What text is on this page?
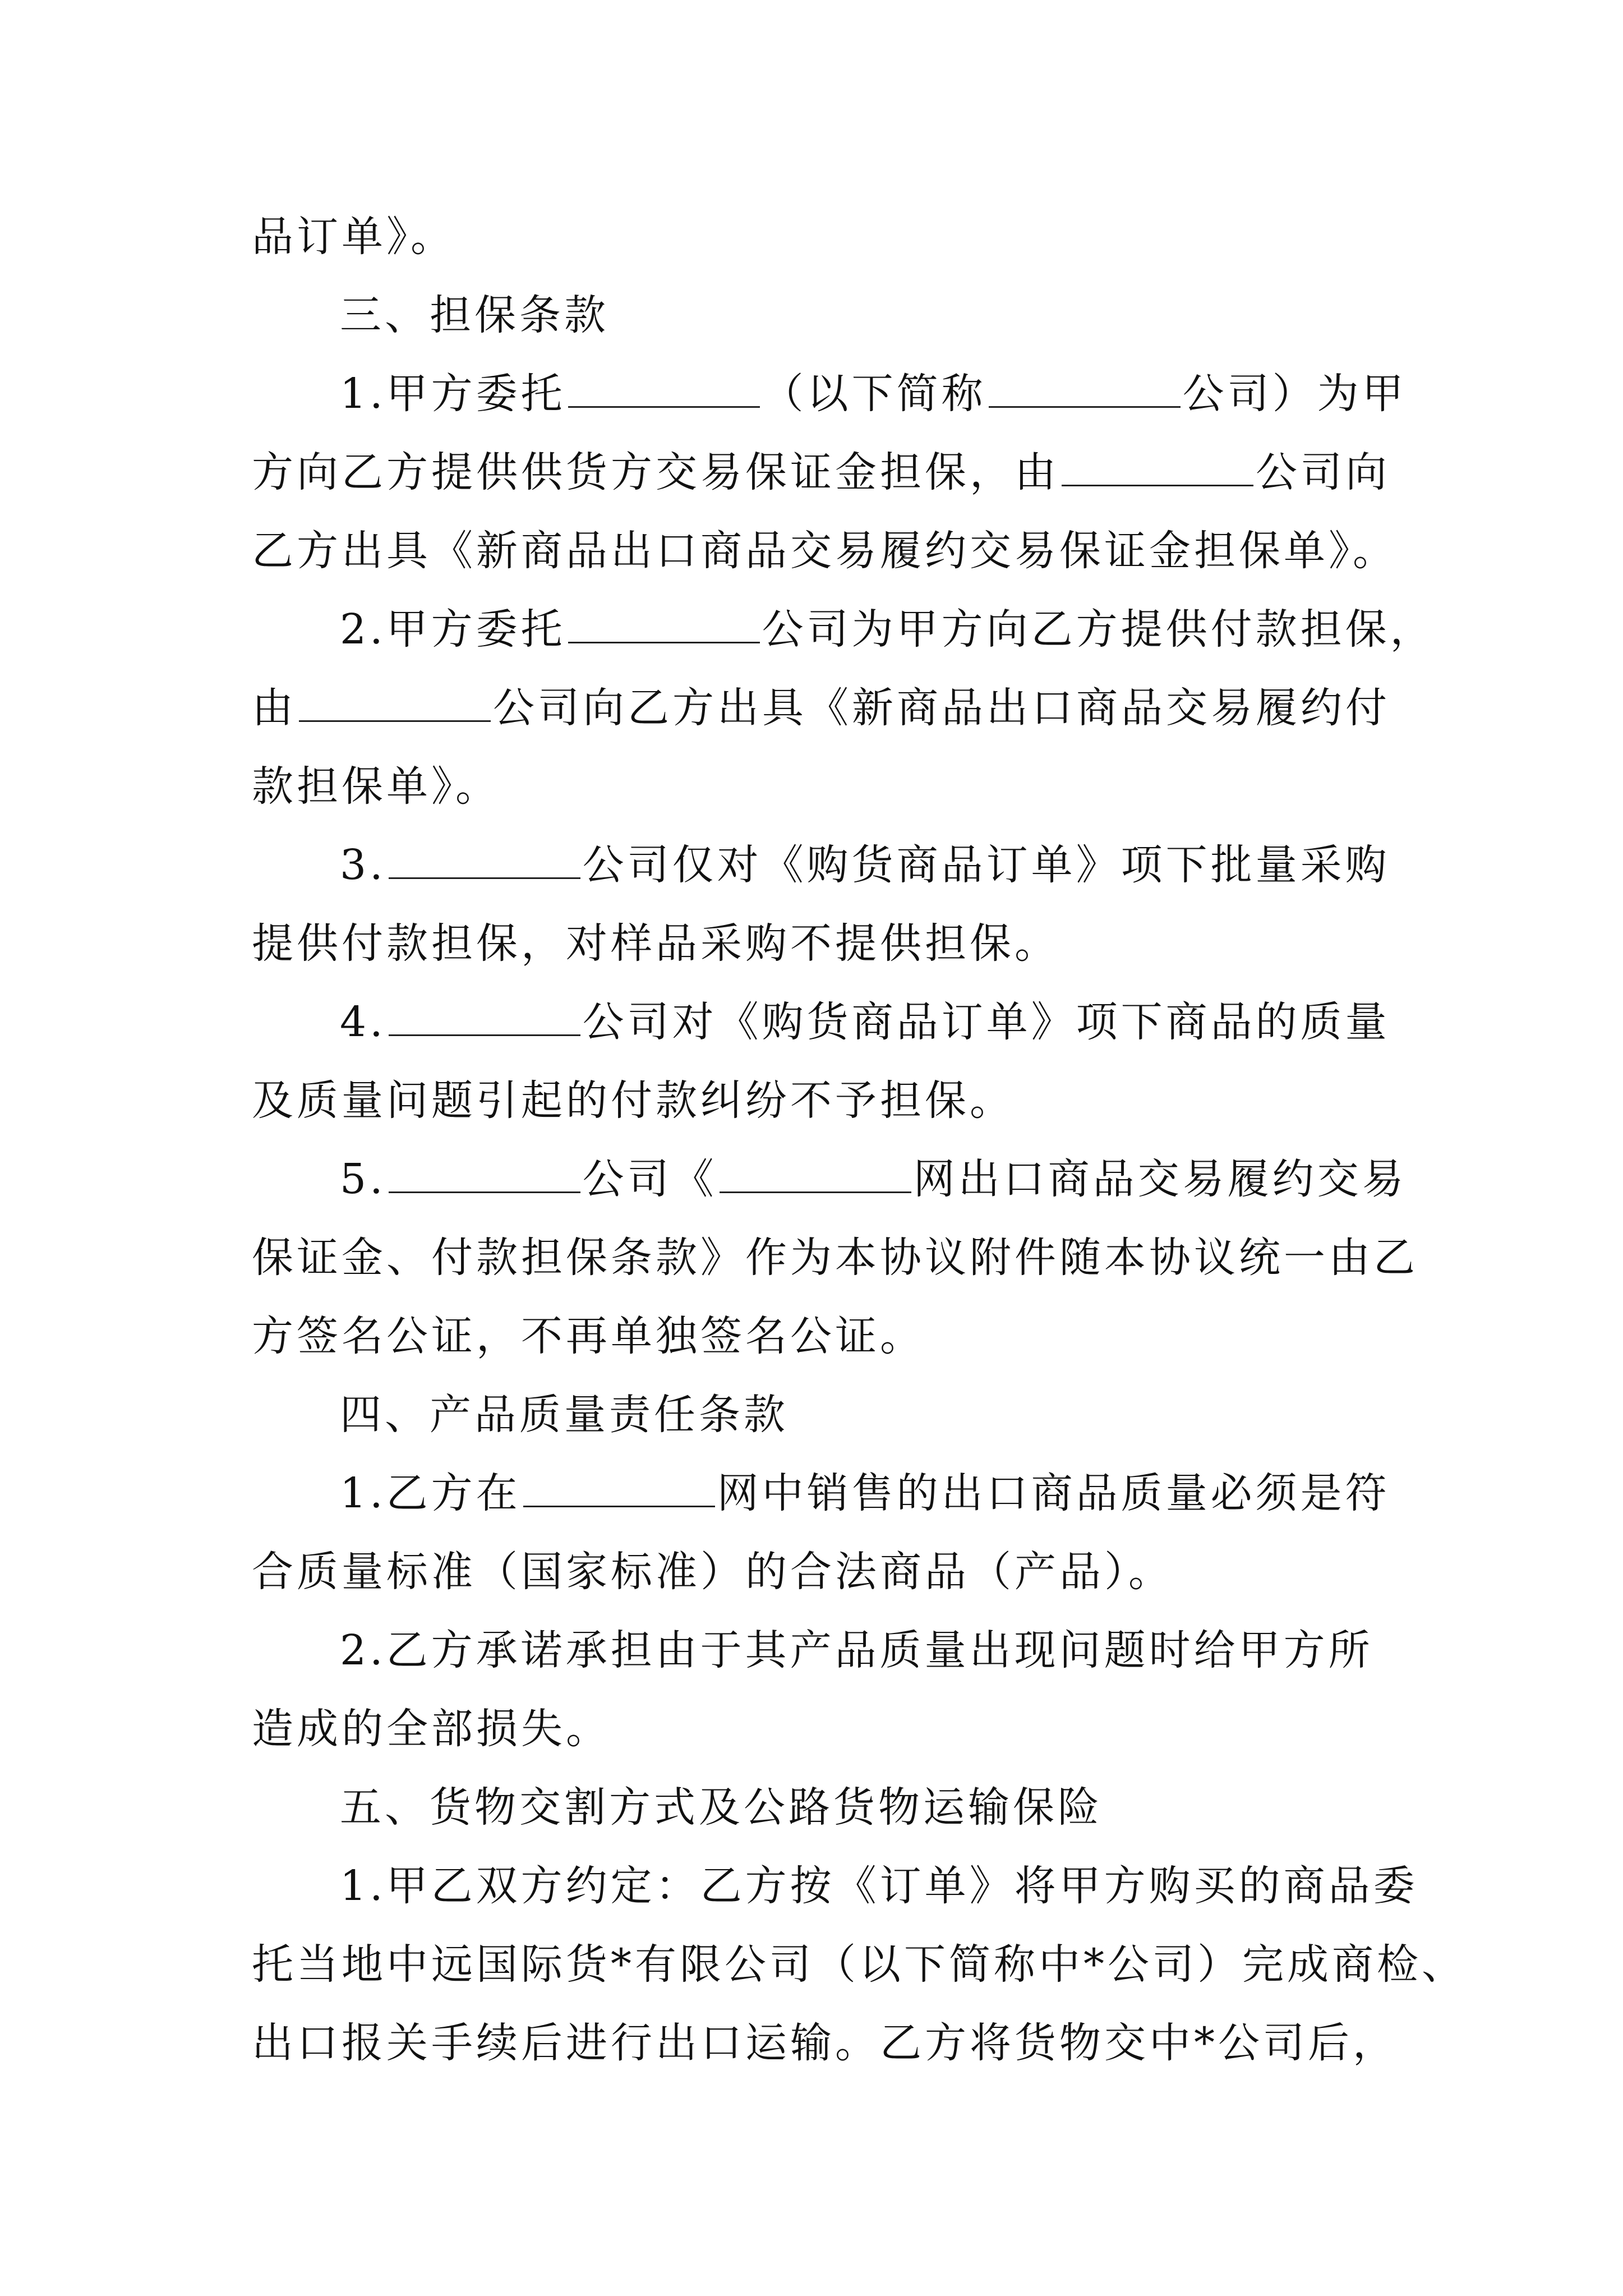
品订单》。
三、担保条款
1.甲方委托	（以下简称	公司）为甲
方向乙方提供供货方交易保证金担保，由	公司向
乙方出具《新商品出口商品交易履约交易保证金担保单》。
2.甲方委托	公司为甲方向乙方提供付款担保，
由	公司向乙方出具《新商品出口商品交易履约付
款担保单》。
3.	公司仅对《购货商品订单》项下批量采购
提供付款担保，对样品采购不提供担保。
4.	公司对《购货商品订单》项下商品的质量
及质量问题引起的付款纠纷不予担保。
5.	公司《	网出口商品交易履约交易
保证金、付款担保条款》作为本协议附件随本协议统一由乙
方签名公证，不再单独签名公证。
四、产品质量责任条款
1.乙方在	网中销售的出口商品质量必须是符
合质量标准（国家标准）的合法商品（产品）。
2.乙方承诺承担由于其产品质量出现问题时给甲方所
造成的全部损失。
五、货物交割方式及公路货物运输保险
1.甲乙双方约定：乙方按《订单》将甲方购买的商品委
托当地中远国际货*有限公司（以下简称中*公司）完成商检、
出口报关手续后进行出口运输。乙方将货物交中*公司后，
